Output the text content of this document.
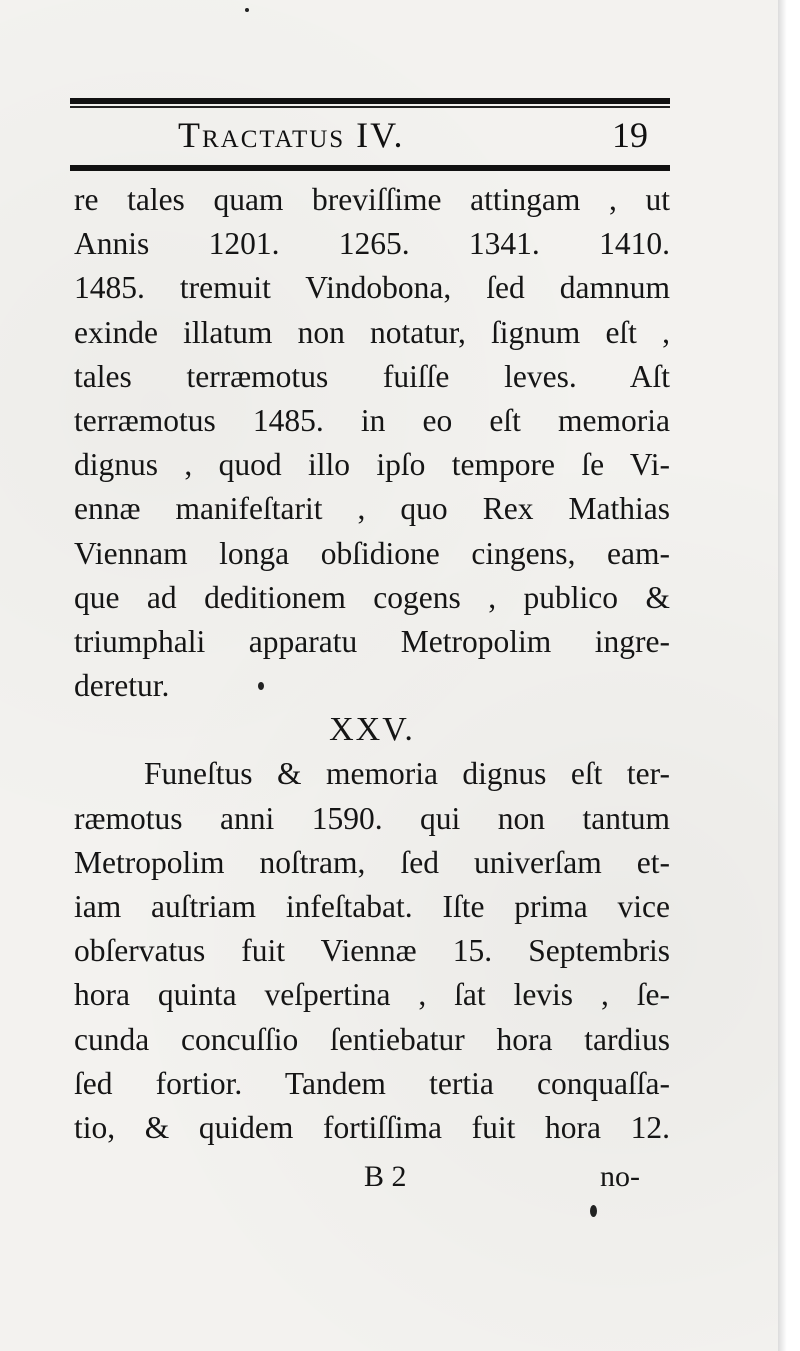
Tractatus IV.	19
re tales quam breviſſime attingam , ut
Annis 1201. 1265. 1341. 1410.
1485. tremuit Vindobona, ſed damnum
exinde illatum non notatur, ſignum eſt ,
tales terræmotus fuiſſe leves. Aſt
terræmotus 1485. in eo eſt memoria
dignus , quod illo ipſo tempore ſe Vi-
ennæ manifeſtarit , quo Rex Mathias
Viennam longa obſidione cingens, eam-
que ad deditionem cogens , publico &
triumphali apparatu Metropolim ingre-
deretur.
XXV.
Funeſtus & memoria dignus eſt ter-
ræmotus anni 1590. qui non tantum
Metropolim noſtram, ſed univerſam et-
iam auſtriam infeſtabat. Iſte prima vice
obſervatus fuit Viennæ 15. Septembris
hora quinta veſpertina , ſat levis , ſe-
cunda concuſſio ſentiebatur hora tardius
ſed fortior. Tandem tertia conquaſſa-
tio, & quidem fortiſſima fuit hora 12.
B 2	no-
